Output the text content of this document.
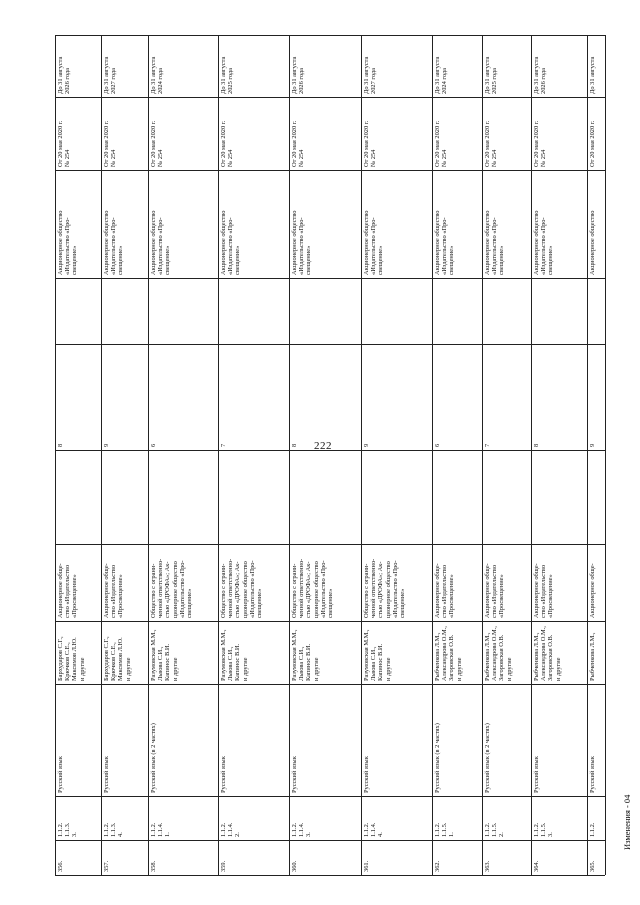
356.
1.1.2.
1.1.3.
3.
Русский язык
Бархударов С.Г.,
Крючков С.Е.,
Максимов Л.Ю.
и другие
Акционерное обще-
ство «Издательство
«Просвещение»
8
Акционерное общество
«Издательство «Про-
свещение»
От 20 мая 2020 г.
№ 254
До 31 августа
2026 года
357.
1.1.2.
1.1.3.
4.
Русский язык
Бархударов С.Г.,
Крючков С.Е.,
Максимов Л.Ю.
и другие
Акционерное обще-
ство «Издательство
«Просвещение»
9
Акционерное общество
«Издательство «Про-
свещение»
От 20 мая 2020 г.
№ 254
До 31 августа
2027 года
358.
1.1.2.
1.1.4.
1.
Русский язык (в 2 частях)
Разумовская М.М.,
Львова С.И.,
Капинос В.И.
и другие
Общество с ограни-
ченной ответственно-
стью «ДРОФА»; Ак-
ционерное общество
«Издательство «Про-
свещение»
6
Акционерное общество
«Издательство «Про-
свещение»
От 20 мая 2020 г.
№ 254
До 31 августа
2024 года
359.
1.1.2.
1.1.4.
2.
Русский язык
Разумовская М.М.,
Львова С.И.,
Капинос В.И.
и другие
Общество с ограни-
ченной ответственно-
стью «ДРОФА»; Ак-
ционерное общество
«Издательство «Про-
свещение»
7
Акционерное общество
«Издательство «Про-
свещение»
От 20 мая 2020 г.
№ 254
До 31 августа
2025 года
360.
1.1.2.
1.1.4.
3.
Русский язык
Разумовская М.М.,
Львова С.И.,
Капинос В.И.
и другие
Общество с ограни-
ченной ответственно-
стью «ДРОФА»; Ак-
ционерное общество
«Издательство «Про-
свещение»
8
Акционерное общество
«Издательство «Про-
свещение»
От 20 мая 2020 г.
№ 254
До 31 августа
2026 года
361.
1.1.2.
1.1.4.
4.
Русский язык
Разумовская М.М.,
Львова С.И.,
Капинос В.И.
и другие
Общество с ограни-
ченной ответственно-
стью «ДРОФА»; Ак-
ционерное общество
«Издательство «Про-
свещение»
9
Акционерное общество
«Издательство «Про-
свещение»
От 20 мая 2020 г.
№ 254
До 31 августа
2027 года
362.
1.1.2.
1.1.5.
1.
Русский язык (в 2 частях)
Рыбченкова Л.М.,
Александрова О.М.,
Загоровская О.В.
и другие
Акционерное обще-
ство «Издательство
«Просвещение»
6
Акционерное общество
«Издательство «Про-
свещение»
От 20 мая 2020 г.
№ 254
До 31 августа
2024 года
363.
1.1.2.
1.1.5.
2.
Русский язык (в 2 частях)
Рыбченкова Л.М.,
Александрова О.М.,
Загоровская О.В.
и другие
Акционерное обще-
ство «Издательство
«Просвещение»
7
Акционерное общество
«Издательство «Про-
свещение»
От 20 мая 2020 г.
№ 254
До 31 августа
2025 года
364.
1.1.2.
1.1.5.
3.
Русский язык
Рыбченкова Л.М.,
Александрова О.М.,
Загоровская О.В.
и другие
Акционерное обще-
ство «Издательство
«Просвещение»
8
Акционерное общество
«Издательство «Про-
свещение»
От 20 мая 2020 г.
№ 254
До 31 августа
2026 года
365.
1.1.2.
Русский язык
Рыбченкова Л.М.,
Акционерное обще-
9
Акционерное общество
От 20 мая 2020 г.
До 31 августа
222
Изменения - 04
